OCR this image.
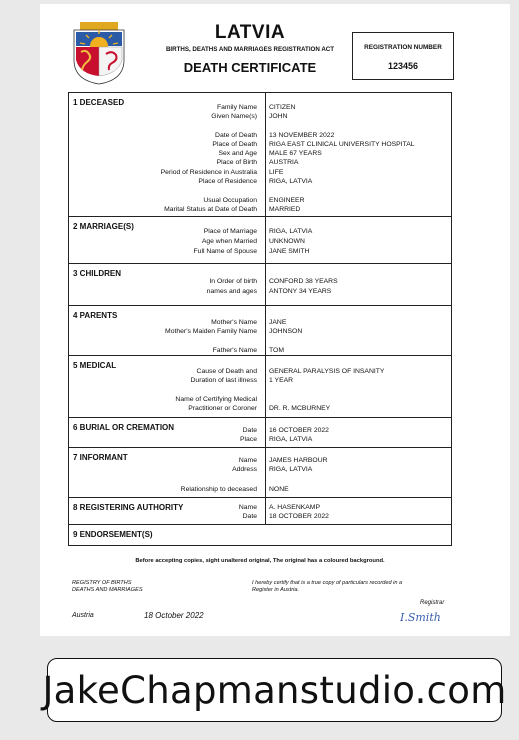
LATVIA
BIRTHS, DEATHS AND MARRIAGES REGISTRATION ACT
DEATH CERTIFICATE
REGISTRATION NUMBER
123456
1 DECEASED
Family Name CITIZEN
Given Name(s) JOHN
Date of Death 13 NOVEMBER 2022
Place of Death RIGA EAST CLINICAL UNIVERSITY HOSPITAL
Sex and Age MALE 67 YEARS
Place of Birth AUSTRIA
Period of Residence in Australia LIFE
Place of Residence RIGA, LATVIA
Usual Occupation ENGINEER
Marital Status at Date of Death MARRIED
2 MARRIAGE(S)
Place of Marriage RIGA, LATVIA
Age when Married UNKNOWN
Full Name of Spouse JANE SMITH
3 CHILDREN
In Order of birth CONFORD 38 YEARS
names and ages ANTONY 34 YEARS
4 PARENTS
Mother's Name JANE
Mother's Maiden Family Name JOHNSON
Father's Name TOM
5 MEDICAL
Cause of Death and GENERAL PARALYSIS OF INSANITY
Duration of last illness 1 YEAR
Name of Certifying Medical
Practitioner or Coroner DR. R. MCBURNEY
6 BURIAL OR CREMATION	Date 16 OCTOBER 2022
Place RIGA, LATVIA
7 INFORMANT	Name JAMES HARBOUR
Address RIGA, LATVIA
Relationship to deceased NONE
8 REGISTERING AUTHORITY	Name A. HASENKAMP
Date 18 OCTOBER 2022
9 ENDORSEMENT(S)
Before accepting copies, sight unaltered original, The original has a coloured background.
REGISTRY OF BIRTHS
DEATHS AND MARRIAGES
I hereby certify that is a true copy of particulars recorded in a
Register in Austria.
Austria	18 October 2022
Registrar
I.Smith
JakeChapmanstudio.com
